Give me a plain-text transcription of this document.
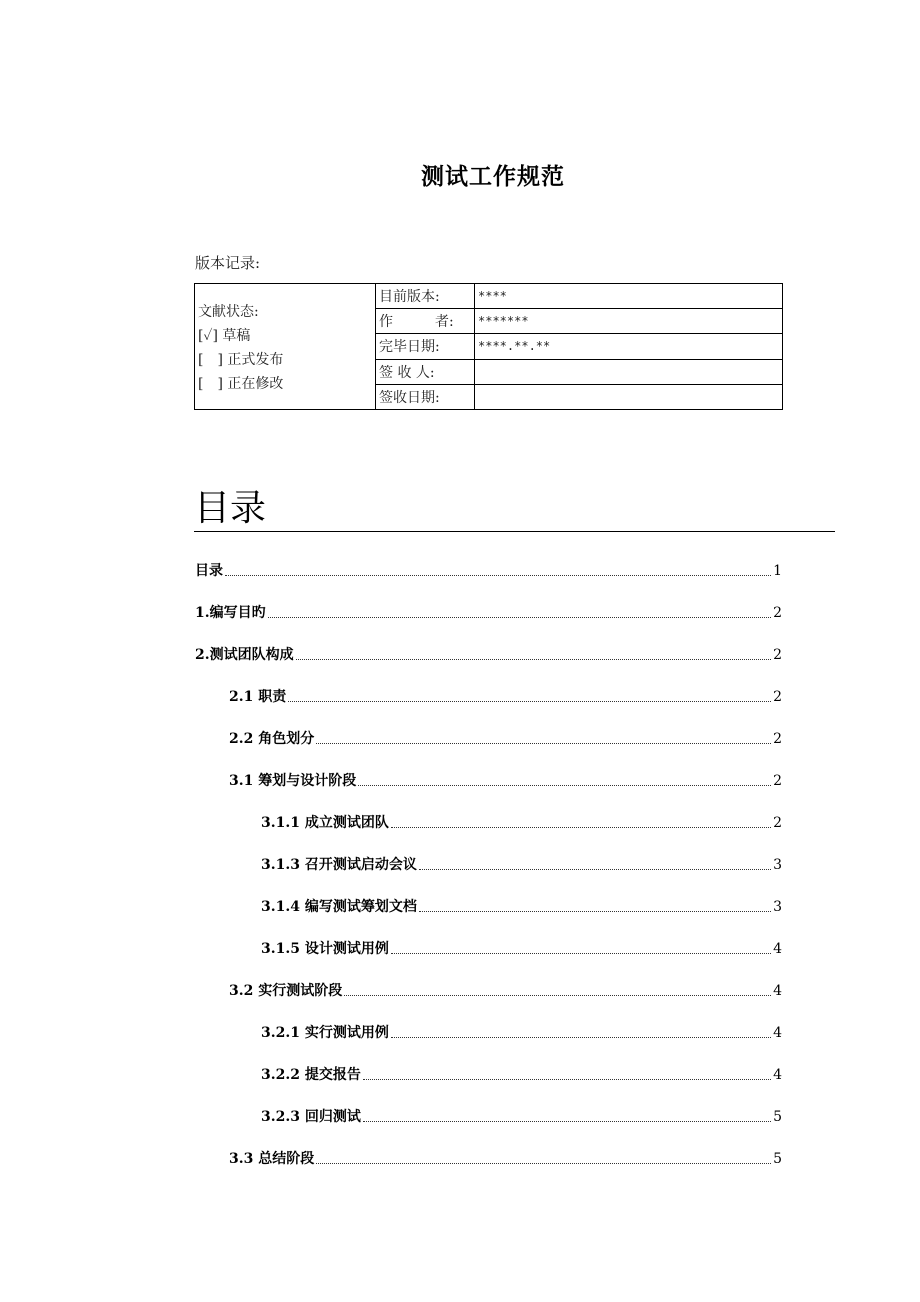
测试工作规范
版本记录:
文献状态:
[✓] 草稿
[　] 正式发布
[　] 正在修改	目前版本:	****
	作　　　者:	*******
	完毕日期:	****.**.**
	签 收 人:	
	签收日期:	
目录
目录	1
1.编写目旳	2
2.测试团队构成	2
2.1 职责	2
2.2 角色划分	2
3.1 筹划与设计阶段	2
3.1.1 成立测试团队	2
3.1.3 召开测试启动会议	3
3.1.4 编写测试筹划文档	3
3.1.5 设计测试用例	4
3.2 实行测试阶段	4
3.2.1 实行测试用例	4
3.2.2 提交报告	4
3.2.3 回归测试	5
3.3 总结阶段	5
